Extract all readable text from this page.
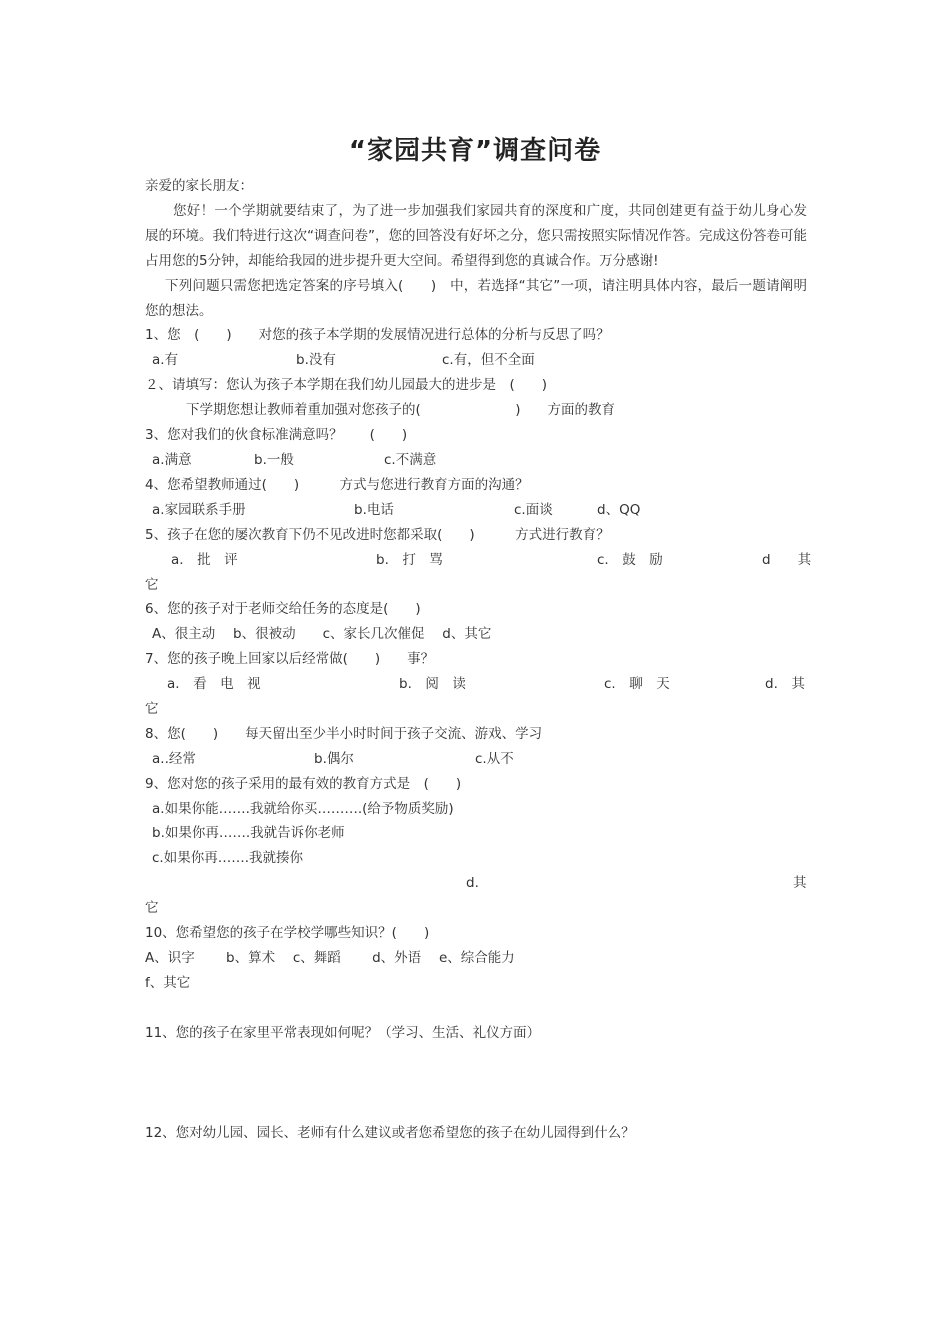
“家园共育”调查问卷
亲爱的家长朋友：
您好！一个学期就要结束了，为了进一步加强我们家园共育的深度和广度，共同创建更有益于幼儿身心发展的环境。我们特进行这次“调查问卷”，您的回答没有好坏之分，您只需按照实际情况作答。完成这份答卷可能占用您的5分钟，却能给我园的进步提升更大空间。希望得到您的真诚合作。万分感谢!
下列问题只需您把选定答案的序号填入(　　)　中，若选择“其它”一项，请注明具体内容，最后一题请阐明您的想法。
1、您　(　　)　　对您的孩子本学期的发展情况进行总体的分析与反思了吗？
a.有	b.没有	c.有，但不全面
２、请填写：您认为孩子本学期在我们幼儿园最大的进步是　(　　)
下学期您想让教师着重加强对您孩子的(　　　　　　　)　　方面的教育
3、您对我们的伙食标准满意吗？　　(　　)
a.满意	b.一般	c.不满意
4、您希望教师通过(　　)　　　方式与您进行教育方面的沟通？
a.家园联系手册	b.电话	c.面谈	d、QQ
5、孩子在您的屡次教育下仍不见改进时您都采取(　　)　　　方式进行教育？
a.　批　评	b.　打　骂	c.　鼓　励	d　　其
它
6、您的孩子对于老师交给任务的态度是(　　)
A、很主动　 b、很被动　　c、家长几次催促　 d、其它
7、您的孩子晚上回家以后经常做(　　)　　事？
a.　看　电　视	b.　阅　读	c.　聊　天	d.　其
它
8、您(　　)　　每天留出至少半小时时间于孩子交流、游戏、学习
a..经常	b.偶尔	c.从不
9、您对您的孩子采用的最有效的教育方式是　(　　)
a.如果你能…….我就给你买……….(给予物质奖励)
b.如果你再…….我就告诉你老师
c.如果你再…….我就揍你
d.	其
它
10、您希望您的孩子在学校学哪些知识？(　　)
A、识字　　 b、算术　 c、舞蹈　　 d、外语　 e、综合能力
f、其它
11、您的孩子在家里平常表现如何呢？（学习、生活、礼仪方面）
12、您对幼儿园、园长、老师有什么建议或者您希望您的孩子在幼儿园得到什么？
